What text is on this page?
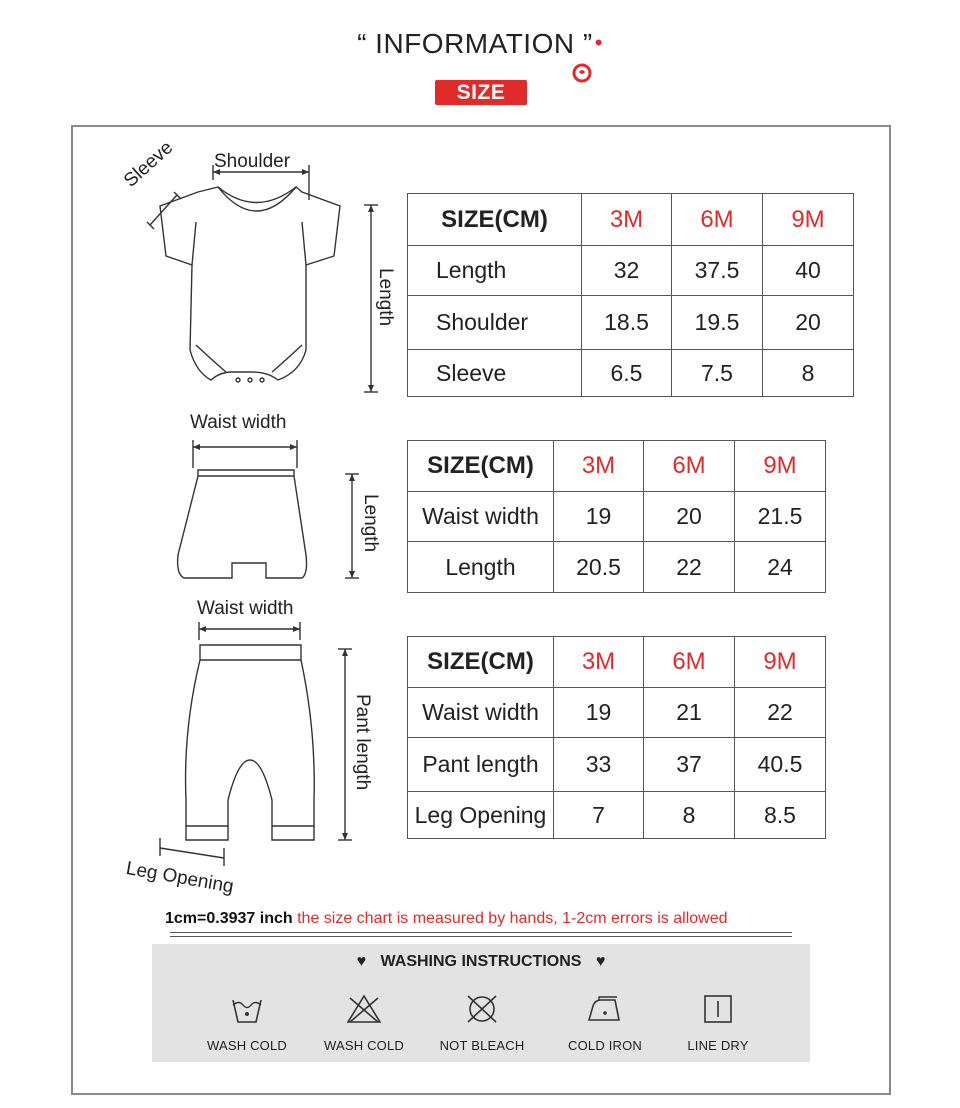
“ INFORMATION ”•
SIZE
Shoulder
Sleeve
Length
Waist width
Length
Waist width
Pant length
Leg Opening
SIZE(CM)	3M	6M	9M
Length	32	37.5	40
Shoulder	18.5	19.5	20
Sleeve	6.5	7.5	8
SIZE(CM)	3M	6M	9M
Waist width	19	20	21.5
Length	20.5	22	24
SIZE(CM)	3M	6M	9M
Waist width	19	21	22
Pant length	33	37	40.5
Leg Opening	7	8	8.5
1cm=0.3937 inch the size chart is measured by hands, 1-2cm errors is allowed
♥ WASHING INSTRUCTIONS ♥
WASH COLD	WASH COLD	NOT BLEACH	COLD IRON	LINE DRY
